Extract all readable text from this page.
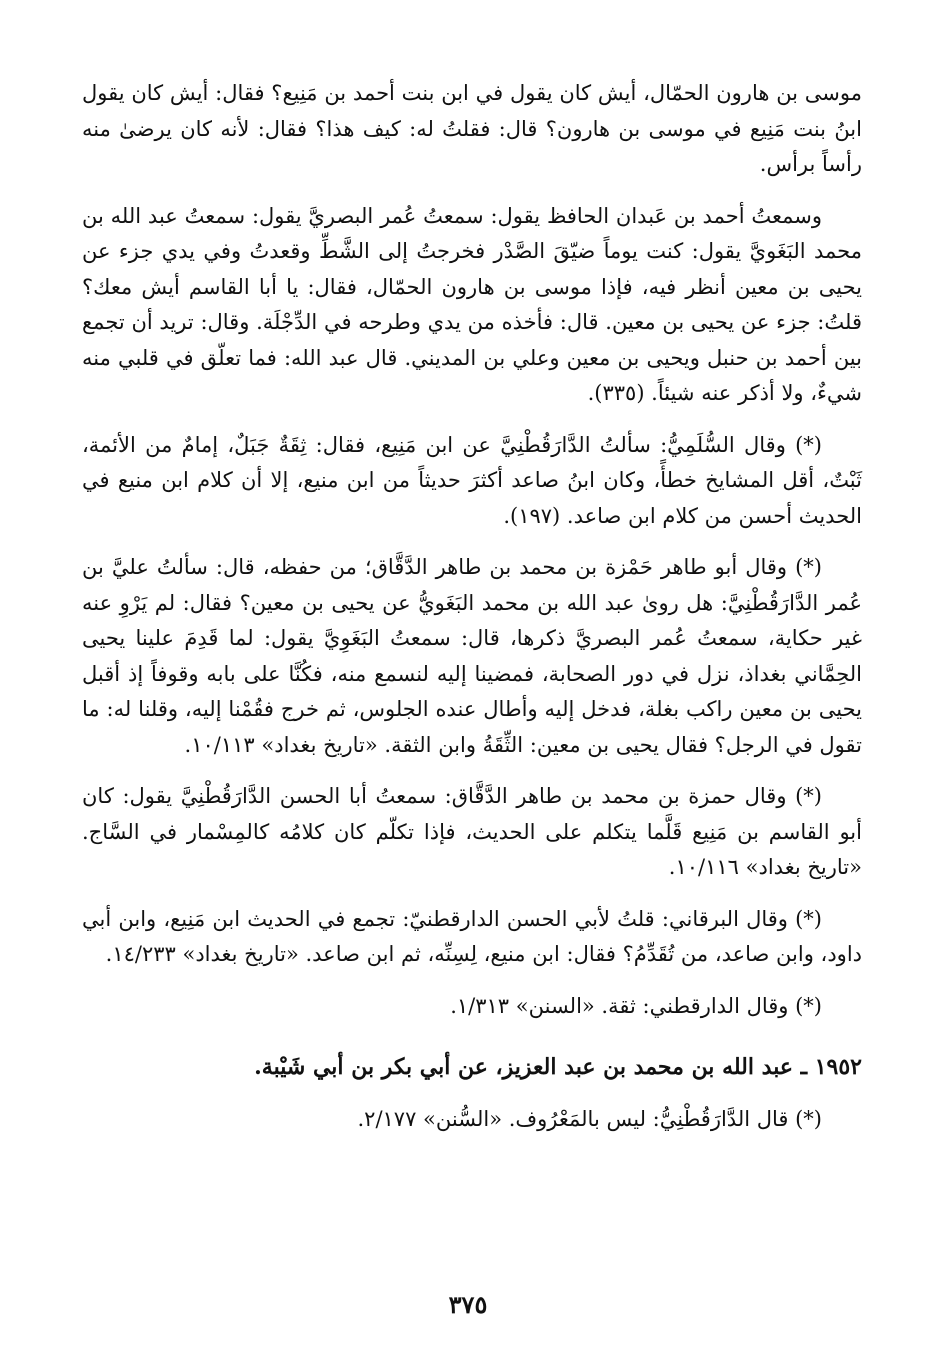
موسى بن هارون الحمّال، أيش كان يقول في ابن بنت أحمد بن مَنِيع؟ فقال: أيش كان يقول ابنُ بنت مَنِيع في موسى بن هارون؟ قال: فقلتُ له: كيف هذا؟ فقال: لأنه كان يرضىٰ منه رأساً برأس.

وسمعتُ أحمد بن عَبدان الحافظ يقول: سمعتُ عُمر البصريَّ يقول: سمعتُ عبد الله بن محمد البَغَويَّ يقول: كنت يوماً ضيّقَ الصَّدْر فخرجتُ إلى الشَّطِّ وقعدتُ وفي يدي جزء عن يحيى بن معين أنظر فيه، فإذا موسى بن هارون الحمّال، فقال: يا أبا القاسم أيش معك؟ قلتُ: جزء عن يحيى بن معين. قال: فأخذه من يدي وطرحه في الدِّجْلَة. وقال: تريد أن تجمع بين أحمد بن حنبل ويحيى بن معين وعلي بن المديني. قال عبد الله: فما تعلّق في قلبي منه شيءٌ، ولا أذكر عنه شيئاً. (٣٣٥).

(*) وقال السُّلَمِيُّ: سألتُ الدَّارَقُطْنِيَّ عن ابن مَنِيع، فقال: ثِقَةٌ جَبَلٌ، إمامٌ من الأئمة، ثَبْتٌ، أقل المشايخ خطأً، وكان ابنُ صاعد أكثرَ حديثاً من ابن منيع، إلا أن كلام ابن منيع في الحديث أحسن من كلام ابن صاعد. (١٩٧).

(*) وقال أبو طاهر حَمْزة بن محمد بن طاهر الدَّقَّاق؛ من حفظه، قال: سألتُ عليَّ بن عُمر الدَّارَقُطْنِيَّ: هل روىٰ عبد الله بن محمد البَغَويُّ عن يحيى بن معين؟ فقال: لم يَرْوِ عنه غير حكاية، سمعتُ عُمر البصريَّ ذكرها، قال: سمعتُ البَغَوِيَّ يقول: لما قَدِمَ علينا يحيى الحِمَّاني بغداذ، نزل في دور الصحابة، فمضينا إليه لنسمع منه، فكُنَّا على بابه وقوفاً إذ أقبل يحيى بن معين راكب بغلة، فدخل إليه وأطال عنده الجلوس، ثم خرج فقُمْنا إليه، وقلنا له: ما تقول في الرجل؟ فقال يحيى بن معين: الثِّقَةُ وابن الثقة. «تاريخ بغداد» ١٠/١١٣.

(*) وقال حمزة بن محمد بن طاهر الدَّقَّاق: سمعتُ أبا الحسن الدَّارَقُطْنِيَّ يقول: كان أبو القاسم بن مَنِيع قَلَّما يتكلم على الحديث، فإذا تكلّم كان كلامُه كالمِسْمار في السَّاج. «تاريخ بغداد» ١٠/١١٦.

(*) وقال البرقاني: قلتُ لأبي الحسن الدارقطنيّ: تجمع في الحديث ابن مَنِيع، وابن أبي داود، وابن صاعد، من تُقَدِّمُ؟ فقال: ابن منيع، لِسِنِّه، ثم ابن صاعد. «تاريخ بغداد» ١٤/٢٣٣.

(*) وقال الدارقطني: ثقة. «السنن» ١/٣١٣.

١٩٥٢ ـ عبد الله بن محمد بن عبد العزيز، عن أبي بكر بن أبي شَيْبة.

(*) قال الدَّارَقُطْنِيُّ: ليس بالمَعْرُوف. «السُّنن» ٢/١٧٧.

٣٧٥
